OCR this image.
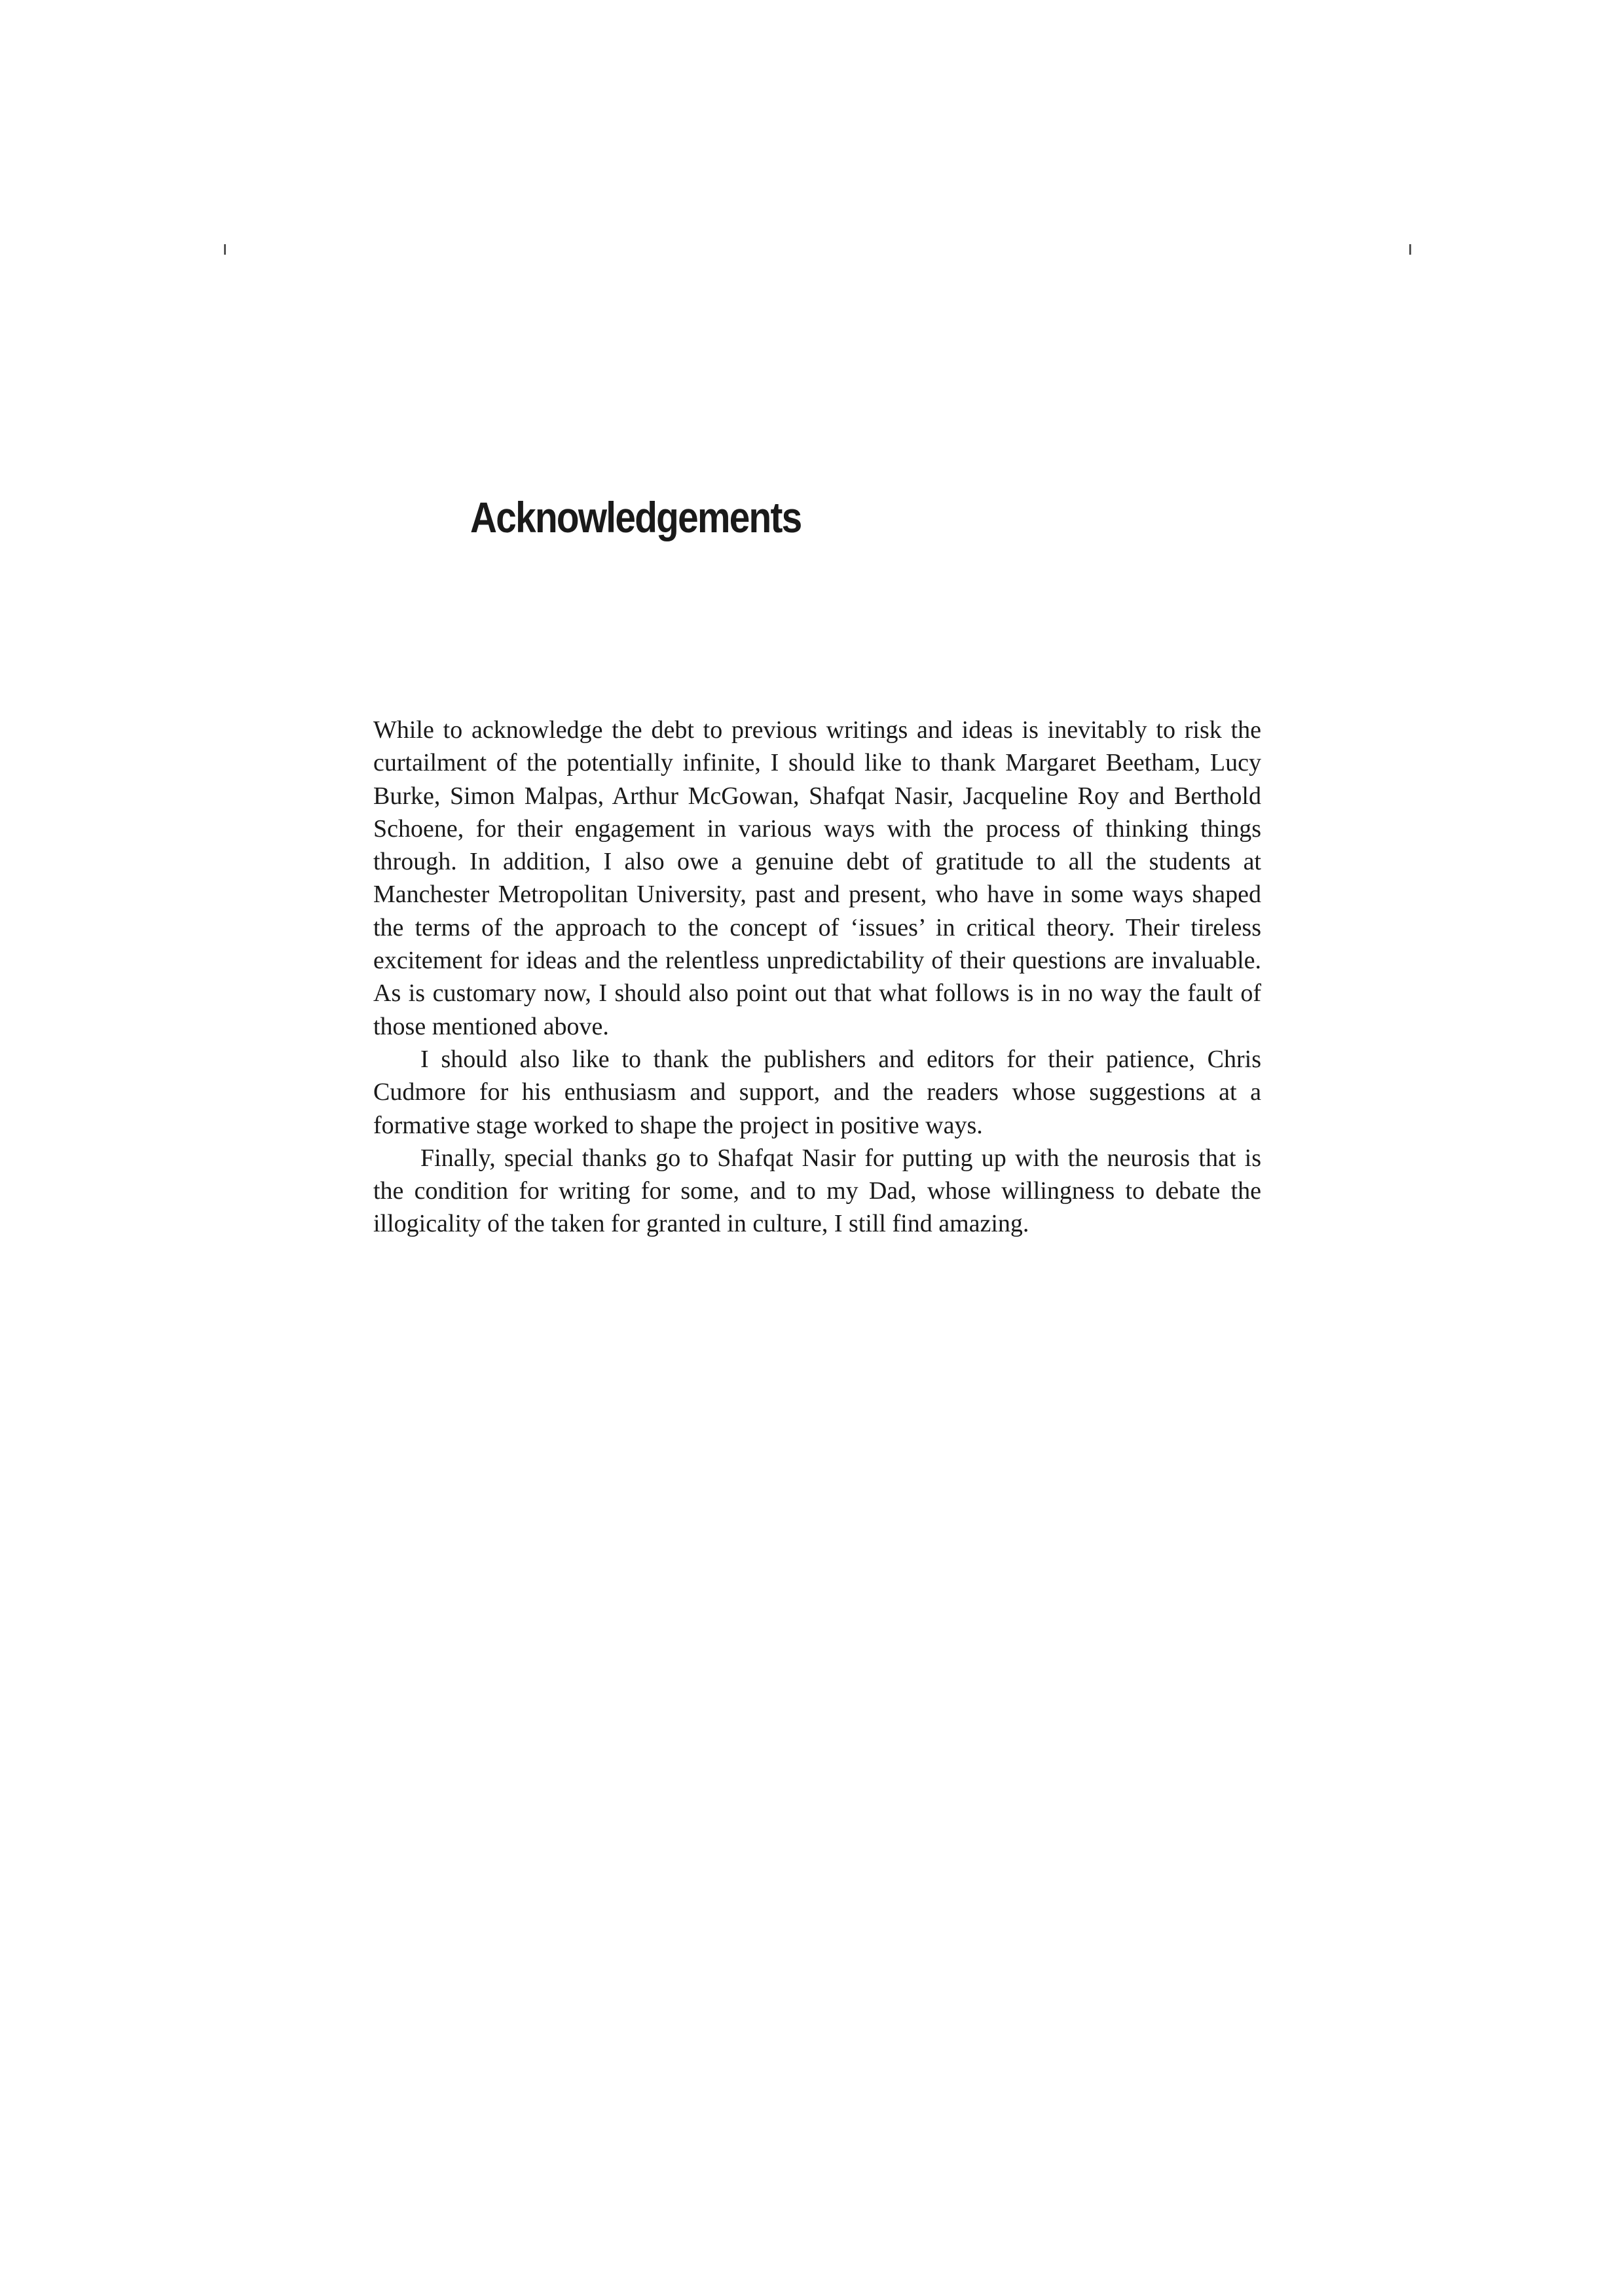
Acknowledgements

While to acknowledge the debt to previous writings and ideas is inevitably to risk the curtailment of the potentially infinite, I should like to thank Margaret Beetham, Lucy Burke, Simon Malpas, Arthur McGowan, Shafqat Nasir, Jacqueline Roy and Berthold Schoene, for their engagement in various ways with the process of thinking things through. In addition, I also owe a genuine debt of gratitude to all the students at Manchester Metropolitan University, past and present, who have in some ways shaped the terms of the approach to the concept of ‘issues’ in critical theory. Their tireless excitement for ideas and the relentless unpredictability of their questions are invaluable. As is customary now, I should also point out that what follows is in no way the fault of those mentioned above.

I should also like to thank the publishers and editors for their patience, Chris Cudmore for his enthusiasm and support, and the readers whose suggestions at a formative stage worked to shape the project in positive ways.

Finally, special thanks go to Shafqat Nasir for putting up with the neurosis that is the condition for writing for some, and to my Dad, whose willingness to debate the illogicality of the taken for granted in culture, I still find amazing.
